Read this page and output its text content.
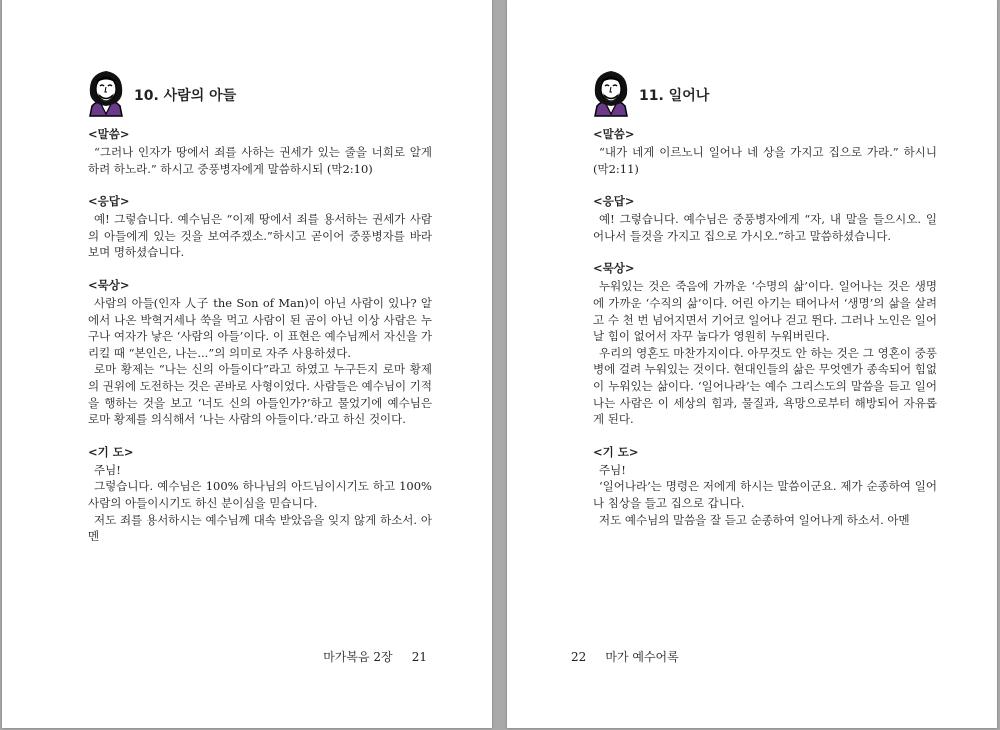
10. 사람의 아들
<말씀>

“그러나 인자가 땅에서 죄를 사하는 권세가 있는 줄을 너희로 알게 하려 하노라.” 하시고 중풍병자에게 말씀하시되 (막2:10)

<응답>

예! 그렇습니다. 예수님은 “이제 땅에서 죄를 용서하는 권세가 사람의 아들에게 있는 것을 보여주겠소.”하시고 곧이어 중풍병자를 바라보며 명하셨습니다.

<묵상>

사람의 아들(인자 人子 the Son of Man)이 아닌 사람이 있나? 알에서 나온 박혁거세나 쑥을 먹고 사람이 된 곰이 아닌 이상 사람은 누구나 여자가 낳은 ‘사람의 아들’이다. 이 표현은 예수님께서 자신을 가리킬 때 “본인은, 나는...”의 의미로 자주 사용하셨다.

로마 황제는 “나는 신의 아들이다”라고 하였고 누구든지 로마 황제의 권위에 도전하는 것은 곧바로 사형이었다. 사람들은 예수님이 기적을 행하는 것을 보고 ‘너도 신의 아들인가?’하고 물었기에 예수님은 로마 황제를 의식해서 ‘나는 사람의 아들이다.’라고 하신 것이다.

<기 도>

주님!

그렇습니다. 예수님은 100% 하나님의 아드님이시기도 하고 100% 사람의 아들이시기도 하신 분이심을 믿습니다.

저도 죄를 용서하시는 예수님께 대속 받았음을 잊지 않게 하소서. 아멘

마가복음 2장 21
11. 일어나
<말씀>

“내가 네게 이르노니 일어나 네 상을 가지고 집으로 가라.” 하시니 (막2:11)

<응답>

예! 그렇습니다. 예수님은 중풍병자에게 “자, 내 말을 들으시오. 일어나서 들것을 가지고 집으로 가시오.”하고 말씀하셨습니다.

<묵상>

누워있는 것은 죽음에 가까운 ‘수명의 삶’이다. 일어나는 것은 생명에 가까운 ‘수직의 삶’이다. 어린 아기는 태어나서 ‘생명’의 삶을 살려고 수 천 번 넘어지면서 기어코 일어나 걷고 뛴다. 그러나 노인은 일어날 힘이 없어서 자꾸 눕다가 영원히 누워버린다.

우리의 영혼도 마찬가지이다. 아무것도 안 하는 것은 그 영혼이 중풍병에 걸려 누워있는 것이다. 현대인들의 삶은 무엇엔가 종속되어 힘없이 누워있는 삶이다. ‘일어나라’는 예수 그리스도의 말씀을 듣고 일어나는 사람은 이 세상의 힘과, 물질과, 욕망으로부터 해방되어 자유롭게 된다.

<기 도>

주님!

‘일어나라’는 명령은 저에게 하시는 말씀이군요. 제가 순종하여 일어나 침상을 들고 집으로 갑니다.

저도 예수님의 말씀을 잘 듣고 순종하여 일어나게 하소서. 아멘

22 마가 예수어록
